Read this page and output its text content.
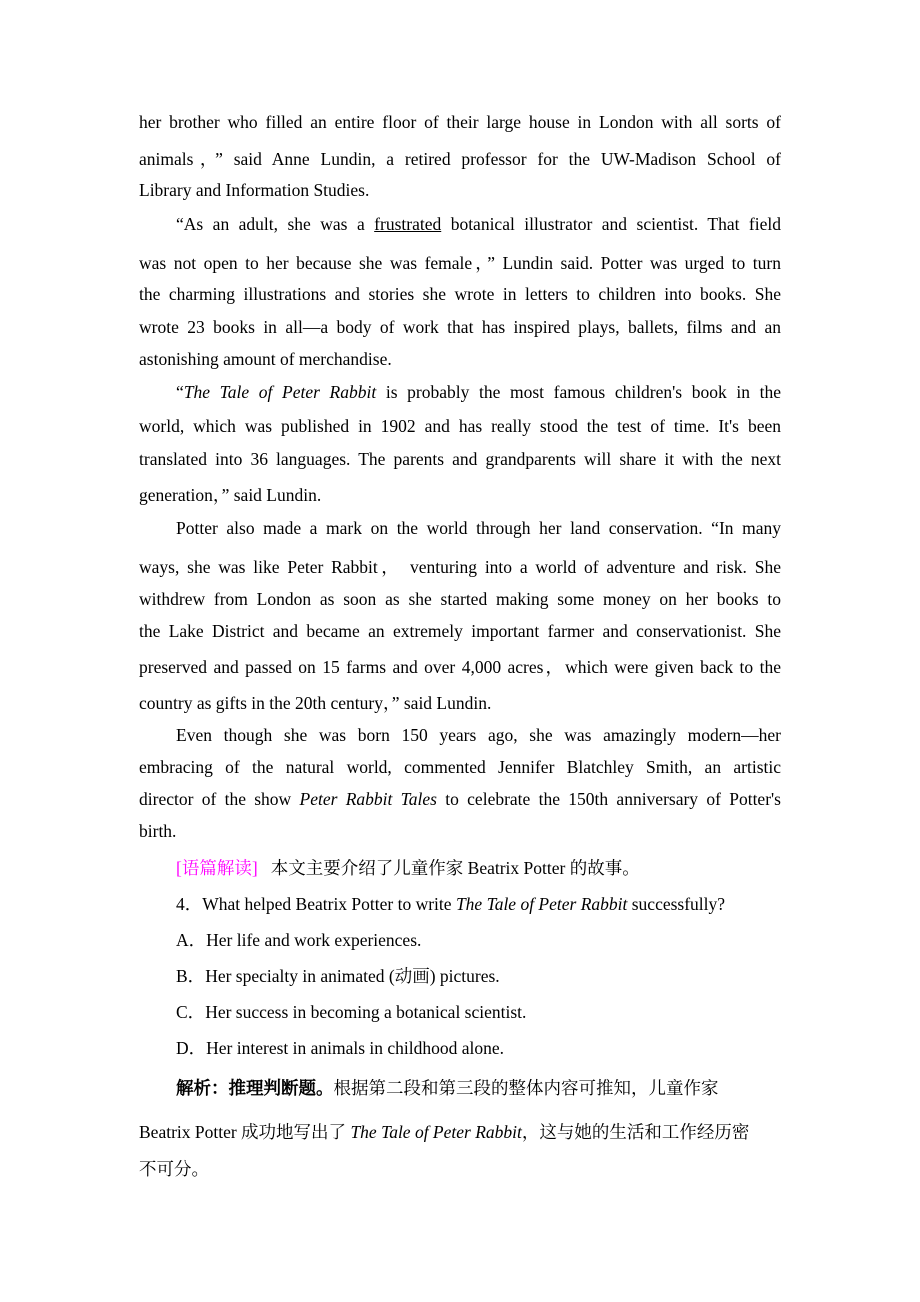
her brother who filled an entire floor of their large house in London with all sorts of
animals，” said Anne Lundin, a retired professor for the UW-Madison School of
Library and Information Studies.
“As an adult, she was a frustrated botanical illustrator and scientist. That field
was not open to her because she was female，” Lundin said. Potter was urged to turn
the charming illustrations and stories she wrote in letters to children into books. She
wrote 23 books in all—a body of work that has inspired plays, ballets, films and an
astonishing amount of merchandise.
“The Tale of Peter Rabbit is probably the most famous children's book in the
world, which was published in 1902 and has really stood the test of time. It's been
translated into 36 languages. The parents and grandparents will share it with the next
generation，” said Lundin.
Potter also made a mark on the world through her land conservation. “In many
ways, she was like Peter Rabbit， venturing into a world of adventure and risk. She
withdrew from London as soon as she started making some money on her books to
the Lake District and became an extremely important farmer and conservationist. She
preserved and passed on 15 farms and over 4,000 acres，which were given back to the
country as gifts in the 20th century，” said Lundin.
Even though she was born 150 years ago, she was amazingly modern—her
embracing of the natural world, commented Jennifer Blatchley Smith, an artistic
director of the show Peter Rabbit Tales to celebrate the 150th anniversary of Potter's
birth.
[语篇解读] 本文主要介绍了儿童作家 Beatrix Potter 的故事。
4．What helped Beatrix Potter to write The Tale of Peter Rabbit successfully?
A．Her life and work experiences.
B．Her specialty in animated (动画) pictures.
C．Her success in becoming a botanical scientist.
D．Her interest in animals in childhood alone.
解析：推理判断题。根据第二段和第三段的整体内容可推知，儿童作家
Beatrix Potter 成功地写出了 The Tale of Peter Rabbit，这与她的生活和工作经历密
不可分。
